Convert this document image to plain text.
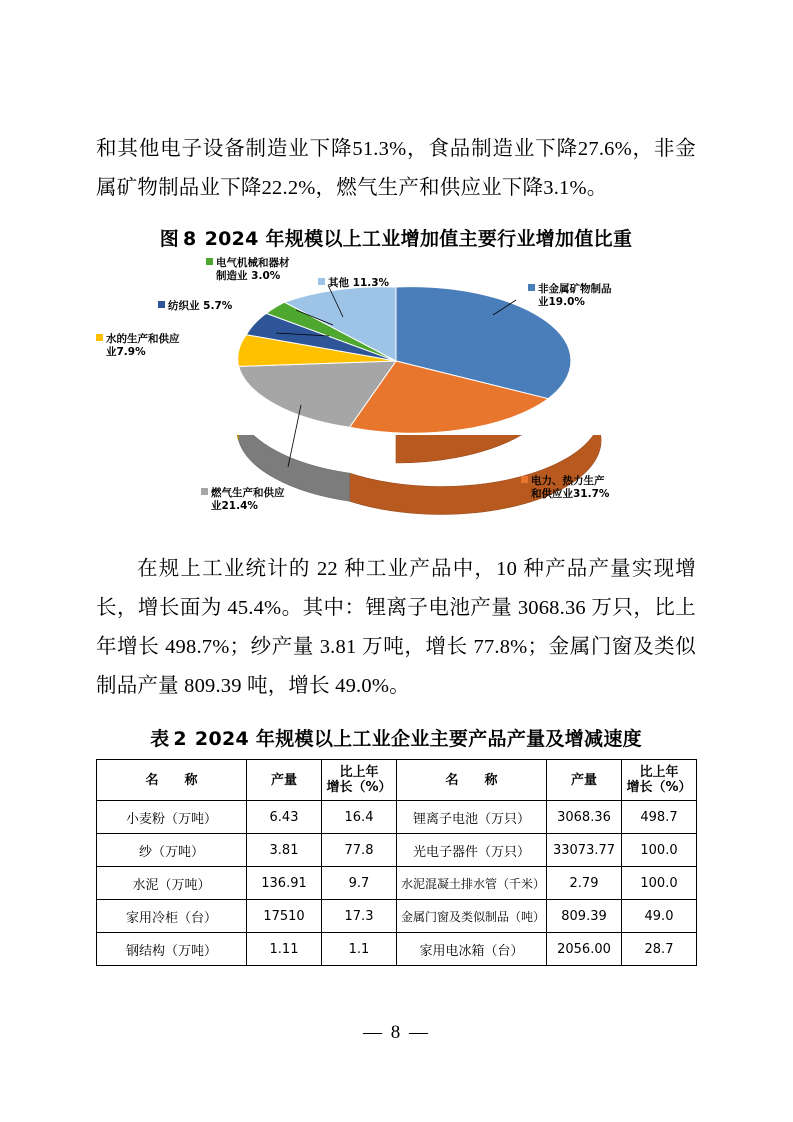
和其他电子设备制造业下降51.3%，食品制造业下降27.6%，非金属矿物制品业下降22.2%，燃气生产和供应业下降3.1%。
图 8 2024 年规模以上工业增加值主要行业增加值比重
非金属矿物制品
业19.0%
电力、热力生产
和供应业31.7%
燃气生产和供应
业21.4%
水的生产和供应
业7.9%
纺织业 5.7%
电气机械和器材
制造业 3.0%
其他 11.3%
在规上工业统计的 22 种工业产品中，10 种产品产量实现增长，增长面为 45.4%。其中：锂离子电池产量 3068.36 万只，比上年增长 498.7%；纱产量 3.81 万吨，增长 77.8%；金属门窗及类似制品产量 809.39 吨，增长 49.0%。
表 2 2024 年规模以上工业企业主要产品产量及增减速度
名　　称	产量	比上年
增长（%）	名　　称	产量	比上年
增长（%）
小麦粉（万吨）	6.43	16.4	锂离子电池（万只）	3068.36	498.7
纱（万吨）	3.81	77.8	光电子器件（万只）	33073.77	100.0
水泥（万吨）	136.91	9.7	水泥混凝土排水管（千米）	2.79	100.0
家用冷柜（台）	17510	17.3	金属门窗及类似制品（吨）	809.39	49.0
钢结构（万吨）	1.11	1.1	家用电冰箱（台）	2056.00	28.7
— 8 —
